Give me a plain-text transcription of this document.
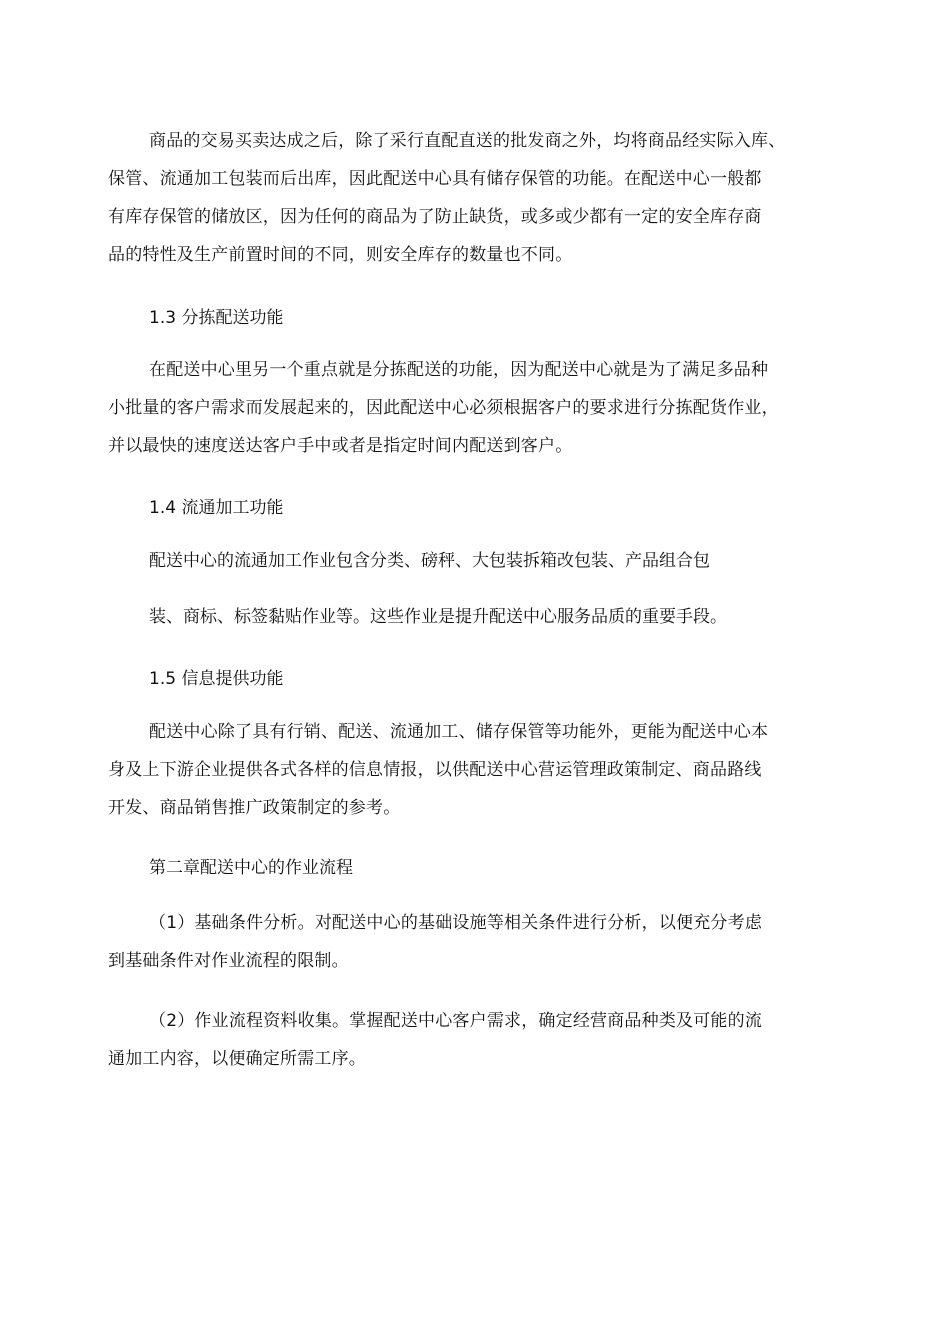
商品的交易买卖达成之后，除了采行直配直送的批发商之外，均将商品经实际入库、
保管、流通加工包装而后出库，因此配送中心具有储存保管的功能。在配送中心一般都
有库存保管的储放区，因为任何的商品为了防止缺货，或多或少都有一定的安全库存商
品的特性及生产前置时间的不同，则安全库存的数量也不同。
1.3 分拣配送功能
在配送中心里另一个重点就是分拣配送的功能，因为配送中心就是为了满足多品种
小批量的客户需求而发展起来的，因此配送中心必须根据客户的要求进行分拣配货作业，
并以最快的速度送达客户手中或者是指定时间内配送到客户。
1.4 流通加工功能
配送中心的流通加工作业包含分类、磅秤、大包装拆箱改包装、产品组合包
装、商标、标签黏贴作业等。这些作业是提升配送中心服务品质的重要手段。
1.5 信息提供功能
配送中心除了具有行销、配送、流通加工、储存保管等功能外，更能为配送中心本
身及上下游企业提供各式各样的信息情报，以供配送中心营运管理政策制定、商品路线
开发、商品销售推广政策制定的参考。
第二章配送中心的作业流程
（1）基础条件分析。对配送中心的基础设施等相关条件进行分析，以便充分考虑
到基础条件对作业流程的限制。
（2）作业流程资料收集。掌握配送中心客户需求，确定经营商品种类及可能的流
通加工内容，以便确定所需工序。
